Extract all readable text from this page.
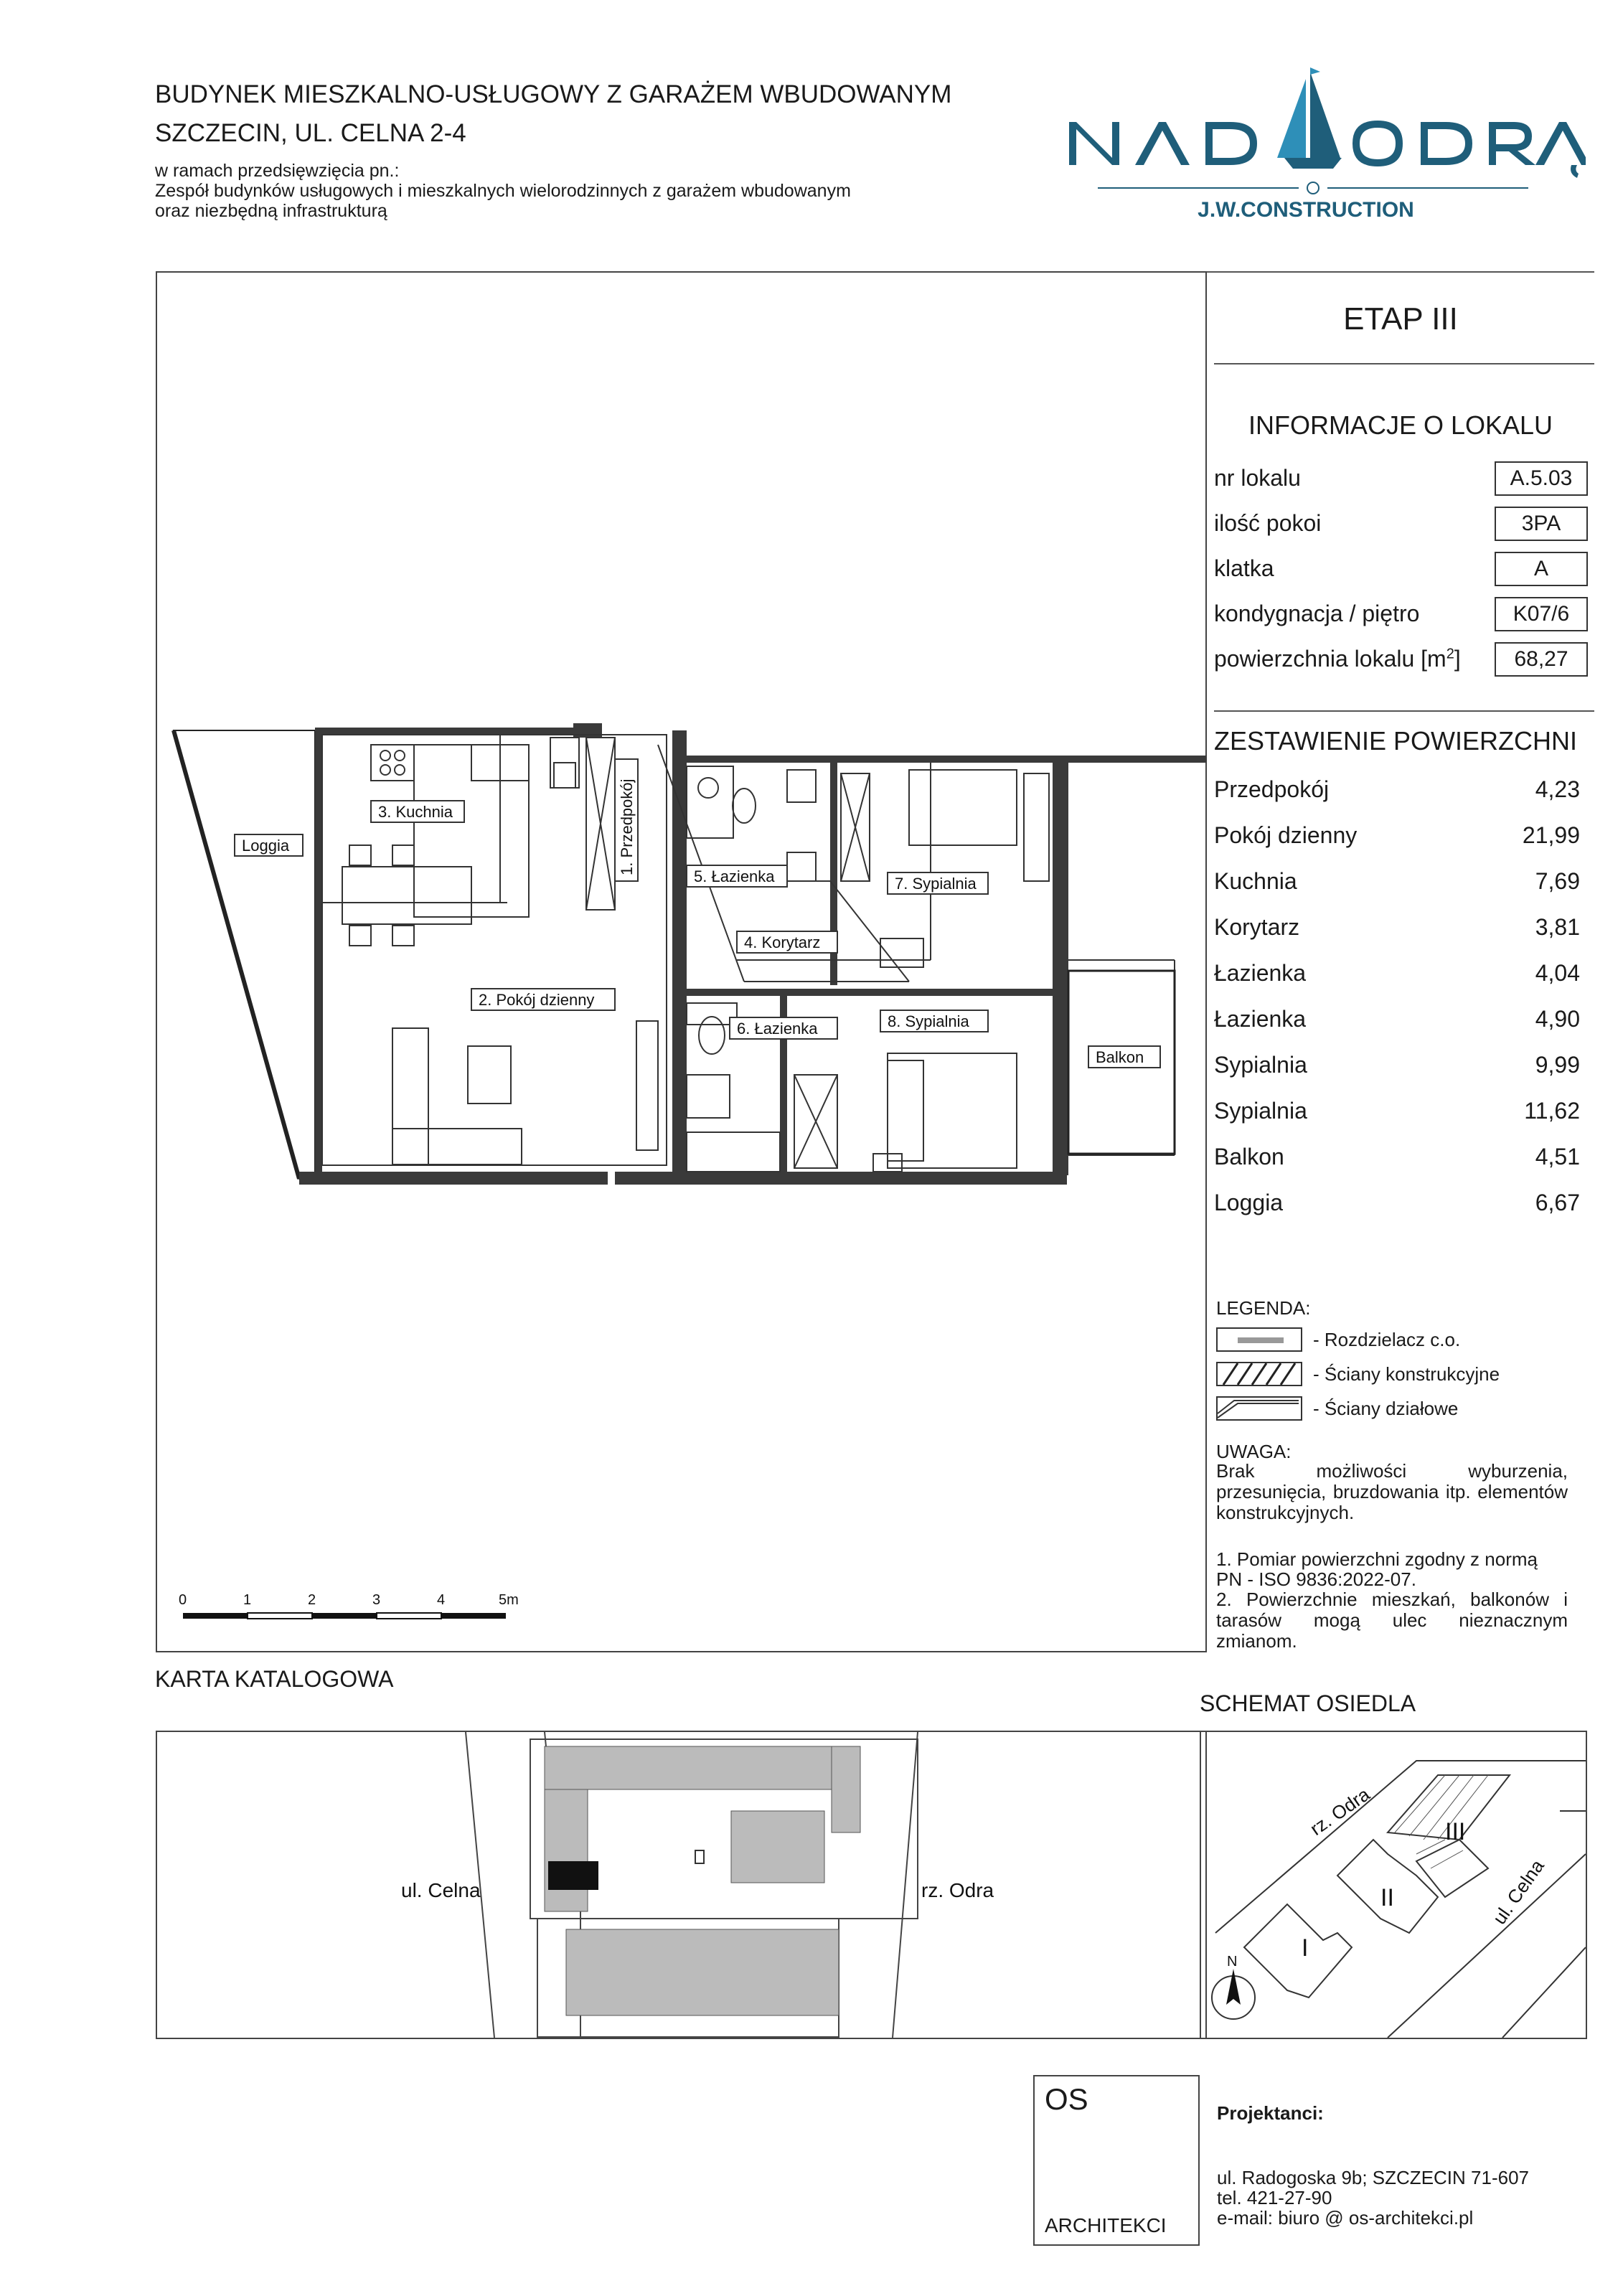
BUDYNEK MIESZKALNO-USŁUGOWY Z GARAŻEM WBUDOWANYM
SZCZECIN, UL. CELNA 2-4
w ramach przedsięwzięcia pn.:
Zespół budynków usługowych i mieszkalnych wielorodzinnych z garażem wbudowanym
oraz niezbędną infrastrukturą	J.W.CONSTRUCTION
3. Kuchnia
2. Pokój dzienny
Loggia
5. Łazienka
4. Korytarz
7. Sypialnia
6. Łazienka	8. Sypialnia
Balkon
1. Przedpokój
0	1	2	3	4	5m
ETAP III
INFORMACJE O LOKALU
nr lokalu	A.5.03
ilość pokoi	3PA
klatka	A
kondygnacja / piętro	K07/6
powierzchnia lokalu $[m^2]$	68,27
ZESTAWIENIE POWIERZCHNI
Przedpokój	4,23
Pokój dzienny	21,99
Kuchnia	7,69
Korytarz	3,81
Łazienka	4,04
Łazienka	4,90
Sypialnia	9,99
Sypialnia	11,62
Balkon	4,51
Loggia	6,67
LEGENDA:
- Rozdzielacz c.o.
- Ściany konstrukcyjne
- Ściany działowe
UWAGA:
Brak możliwości wyburzenia, przesunięcia, bruzdowania itp. elementów konstrukcyjnych.
1. Pomiar powierzchni zgodny z normą
PN - ISO 9836:2022-07.
2. Powierzchnie mieszkań, balkonów i tarasów mogą ulec nieznacznym zmianom.
KARTA KATALOGOWA
SCHEMAT OSIEDLA
ul. Celna	rz. Odra
I
II
III
rz. Odra
ul. Celna
N
OS
ARCHITEKCI
Projektanci:
ul. Radogoska 9b; SZCZECIN 71-607
tel. 421-27-90
e-mail: biuro @ os-architekci.pl
